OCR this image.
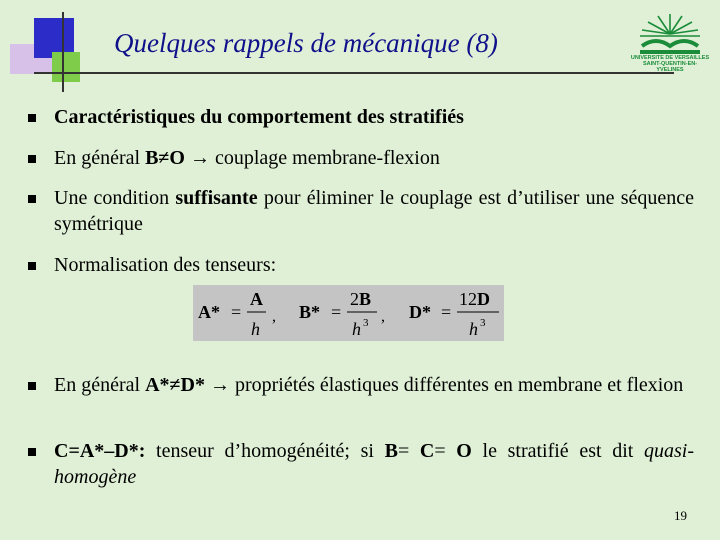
Quelques rappels de mécanique (8)	UNIVERSITE DE VERSAILLES
SAINT-QUENTIN-EN-YVELINES
Caractéristiques du comportement des stratifiés
En général B≠O → couplage membrane-flexion
Une condition suffisante pour éliminer le couplage est d’utiliser une séquence symétrique
Normalisation des tenseurs:
En général A*≠D* → propriétés élastiques différentes en membrane et flexion
C=A*–D*: tenseur d’homogénéité; si B= C= O le stratifié est dit quasi-homogène
A* =
A
h
, B* =
2B
h 3 , D* =
12D
h 3
19
